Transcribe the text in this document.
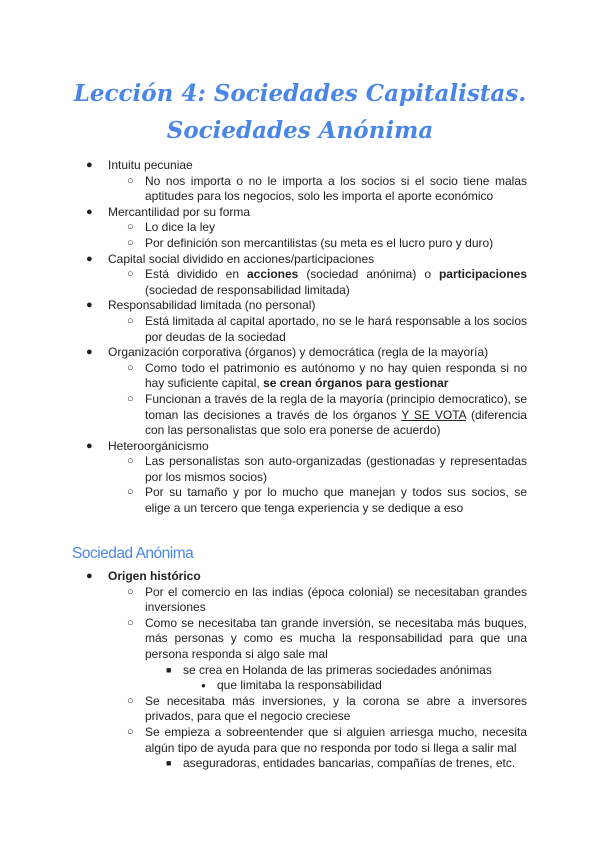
Lección 4: Sociedades Capitalistas.
Sociedades Anónima
● Intuitu pecuniae
○ No nos importa o no le importa a los socios si el socio tiene malas aptitudes para los negocios, solo les importa el aporte económico
● Mercantilidad por su forma
○ Lo dice la ley
○ Por definición son mercantilistas (su meta es el lucro puro y duro)
● Capital social dividido en acciones/participaciones
○ Está dividido en acciones (sociedad anónima) o participaciones (sociedad de responsabilidad limitada)
● Responsabilidad limitada (no personal)
○ Está limitada al capital aportado, no se le hará responsable a los socios por deudas de la sociedad
● Organización corporativa (órganos) y democrática (regla de la mayoría)
○ Como todo el patrimonio es autónomo y no hay quien responda si no hay suficiente capital, se crean órganos para gestionar
○ Funcionan a través de la regla de la mayoría (principio democratico), se toman las decisiones a través de los órganos Y SE VOTA (diferencia con las personalistas que solo era ponerse de acuerdo)
● Heteroorgánicismo
○ Las personalistas son auto-organizadas (gestionadas y representadas por los mismos socios)
○ Por su tamaño y por lo mucho que manejan y todos sus socios, se elige a un tercero que tenga experiencia y se dedique a eso
Sociedad Anónima
● Origen histórico
○ Por el comercio en las indias (época colonial) se necesitaban grandes inversiones
○ Como se necesitaba tan grande inversión, se necesitaba más buques, más personas y como es mucha la responsabilidad para que una persona responda si algo sale mal
■ se crea en Holanda de las primeras sociedades anónimas
● que limitaba la responsabilidad
○ Se necesitaba más inversiones, y la corona se abre a inversores privados, para que el negocio creciese
○ Se empieza a sobreentender que si alguien arriesga mucho, necesita algún tipo de ayuda para que no responda por todo si llega a salir mal
■ aseguradoras, entidades bancarias, compañías de trenes, etc.
